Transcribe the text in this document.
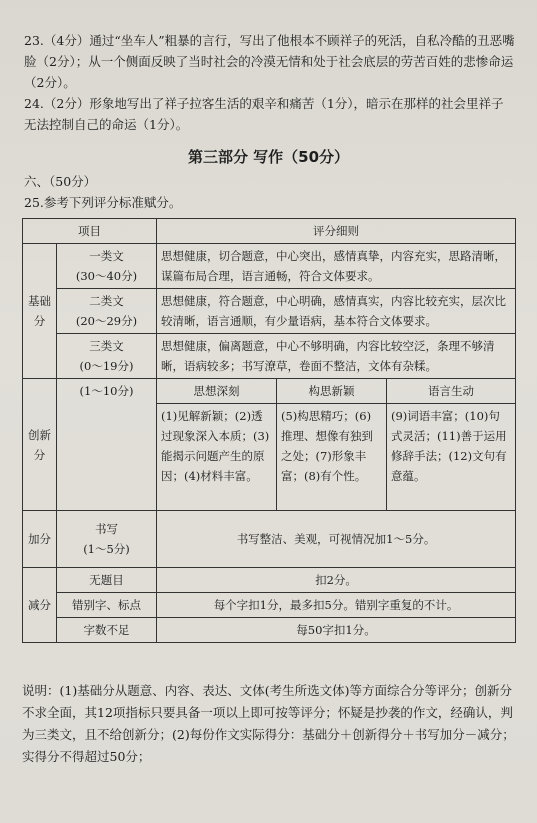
23.（4分）通过“坐车人”粗暴的言行，写出了他根本不顾祥子的死活，自私冷酷的丑恶嘴脸（2分）；从一个侧面反映了当时社会的冷漠无情和处于社会底层的劳苦百姓的悲惨命运（2分）。
24.（2分）形象地写出了祥子拉客生活的艰辛和痛苦（1分），暗示在那样的社会里祥子无法控制自己的命运（1分）。
第三部分 写作（50分）
六、（50分）
25.参考下列评分标准赋分。
项目		评分细则		
基础分	一类文
(30～40分)	思想健康，切合题意，中心突出，感情真挚，内容充实，思路清晰，谋篇布局合理，语言通畅，符合文体要求。		

	二类文
(20～29分)	思想健康，符合题意，中心明确，感情真实，内容比较充实，层次比较清晰，语言通顺，有少量语病，基本符合文体要求。		

	三类文
(0～19分)	思想健康，偏离题意，中心不够明确，内容比较空泛，条理不够清晰，语病较多；书写潦草，卷面不整洁，文体有杂糅。		
创新分	(1～10分)	思想深刻	构思新颖	语言生动
		(1)见解新颖；(2)透过现象深入本质；(3)能揭示问题产生的原因；(4)材料丰富。	(5)构思精巧；(6)推理、想像有独到之处；(7)形象丰富；(8)有个性。	(9)词语丰富；(10)句式灵活；(11)善于运用修辞手法；(12)文句有意蕴。
加分	书写
(1～5分)	书写整洁、美观，可视情况加1～5分。		
减分	无题目	扣2分。		
	错别字、标点	每个字扣1分，最多扣5分。错别字重复的不计。		
	字数不足	每50字扣1分。		
说明：(1)基础分从题意、内容、表达、文体(考生所选文体)等方面综合分等评分；创新分不求全面，其12项指标只要具备一项以上即可按等评分；怀疑是抄袭的作文，经确认，判为三类文，且不给创新分；(2)每份作文实际得分：基础分＋创新得分＋书写加分－减分；实得分不得超过50分；
